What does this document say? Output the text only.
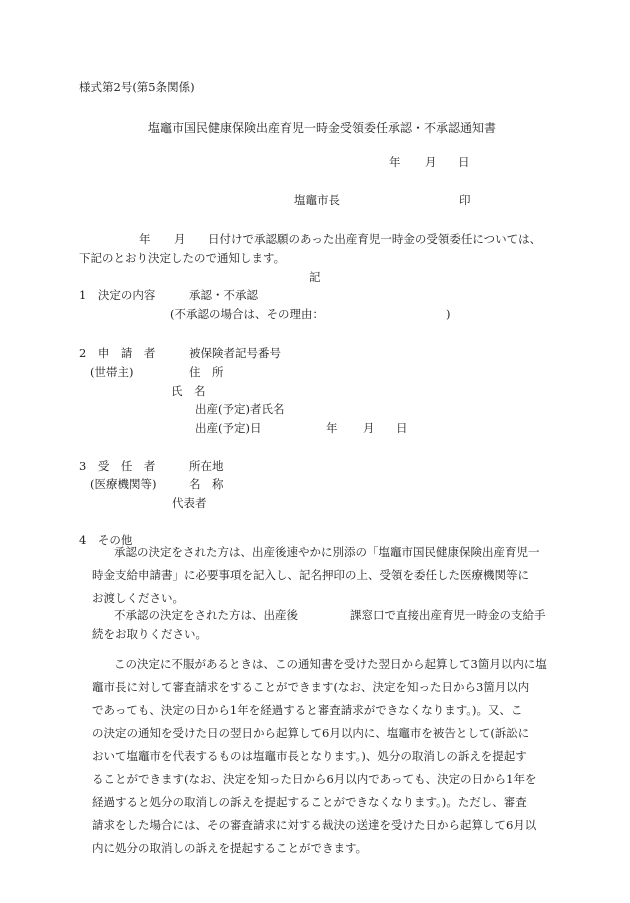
様式第2号(第5条関係)
塩竈市国民健康保険出産育児一時金受領委任承認・不承認通知書
年 月 日
塩竈市長	印
年 月 日付けで承認願のあった出産育児一時金の受領委任については、
下記のとおり決定したので通知します。
記
1　決定の内容	承認・不承認
(不承認の場合は、その理由：	)
2　申　請　者	被保険者記号番号
(世帯主)	住　所
氏　名
出産(予定)者氏名
出産(予定)日	年 月 日
3　受　任　者	所在地
(医療機関等)	名　称
代表者
4　その他
承認の決定をされた方は、出産後速やかに別添の「塩竈市国民健康保険出産育児一
時金支給申請書」に必要事項を記入し、記名押印の上、受領を委任した医療機関等に
お渡しください。
不承認の決定をされた方は、出産後	課窓口で直接出産育児一時金の支給手
続をお取りください。
この決定に不服があるときは、この通知書を受けた翌日から起算して3箇月以内に塩
竈市長に対して審査請求をすることができます(なお、決定を知った日から3箇月以内
であっても、決定の日から1年を経過すると審査請求ができなくなります。)。又、こ
の決定の通知を受けた日の翌日から起算して6月以内に、塩竈市を被告として(訴訟に
おいて塩竈市を代表するものは塩竈市長となります。)、処分の取消しの訴えを提起す
ることができます(なお、決定を知った日から6月以内であっても、決定の日から1年を
経過すると処分の取消しの訴えを提起することができなくなります。)。ただし、審査
請求をした場合には、その審査請求に対する裁決の送達を受けた日から起算して6月以
内に処分の取消しの訴えを提起することができます。
